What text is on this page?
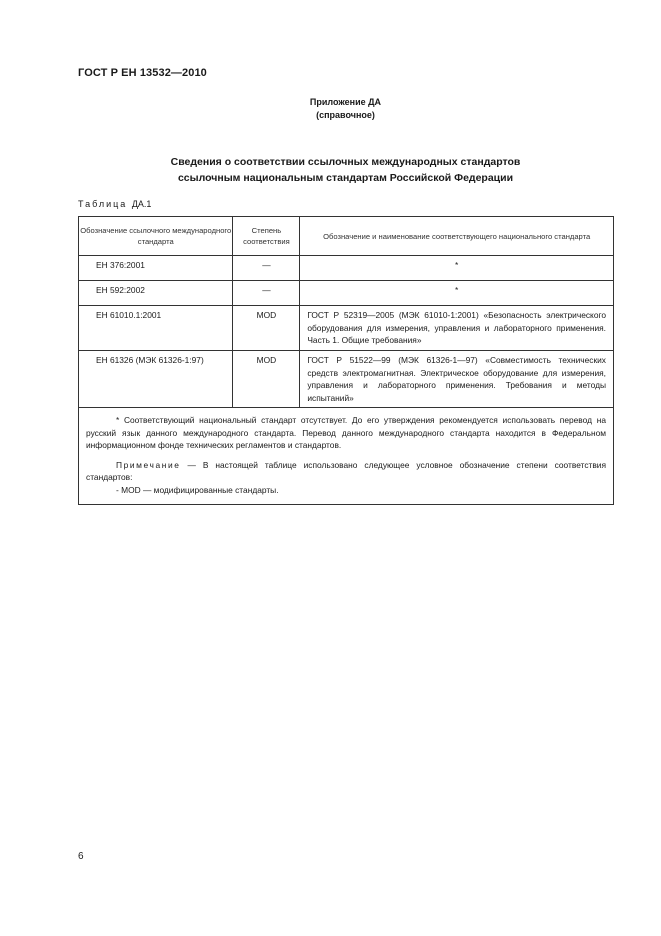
ГОСТ Р ЕН 13532—2010
Приложение ДА
(справочное)
Сведения о соответствии ссылочных международных стандартов
ссылочным национальным стандартам Российской Федерации
Таблица ДА.1
Обозначение ссылочного международного стандарта	Степень соответствия	Обозначение и наименование соответствующего национального стандарта
ЕН 376:2001	—	*
ЕН 592:2002	—	*
ЕН 61010.1:2001	MOD	ГОСТ Р 52319—2005 (МЭК 61010-1:2001) «Безопасность электрического оборудования для измерения, управления и лабораторного применения. Часть 1. Общие требования»
ЕН 61326 (МЭК 61326-1:97)	MOD	ГОСТ Р 51522—99 (МЭК 61326-1—97) «Совместимость технических средств электромагнитная. Электрическое оборудование для измерения, управления и лабораторного применения. Требования и методы испытаний»

* Соответствующий национальный стандарт отсутствует. До его утверждения рекомендуется использовать перевод на русский язык данного международного стандарта. Перевод данного международного стандарта находится в Федеральном информационном фонде технических регламентов и стандартов.

Примечание — В настоящей таблице использовано следующее условное обозначение степени соответствия стандартов:

- MOD — модифицированные стандарты.		

6
